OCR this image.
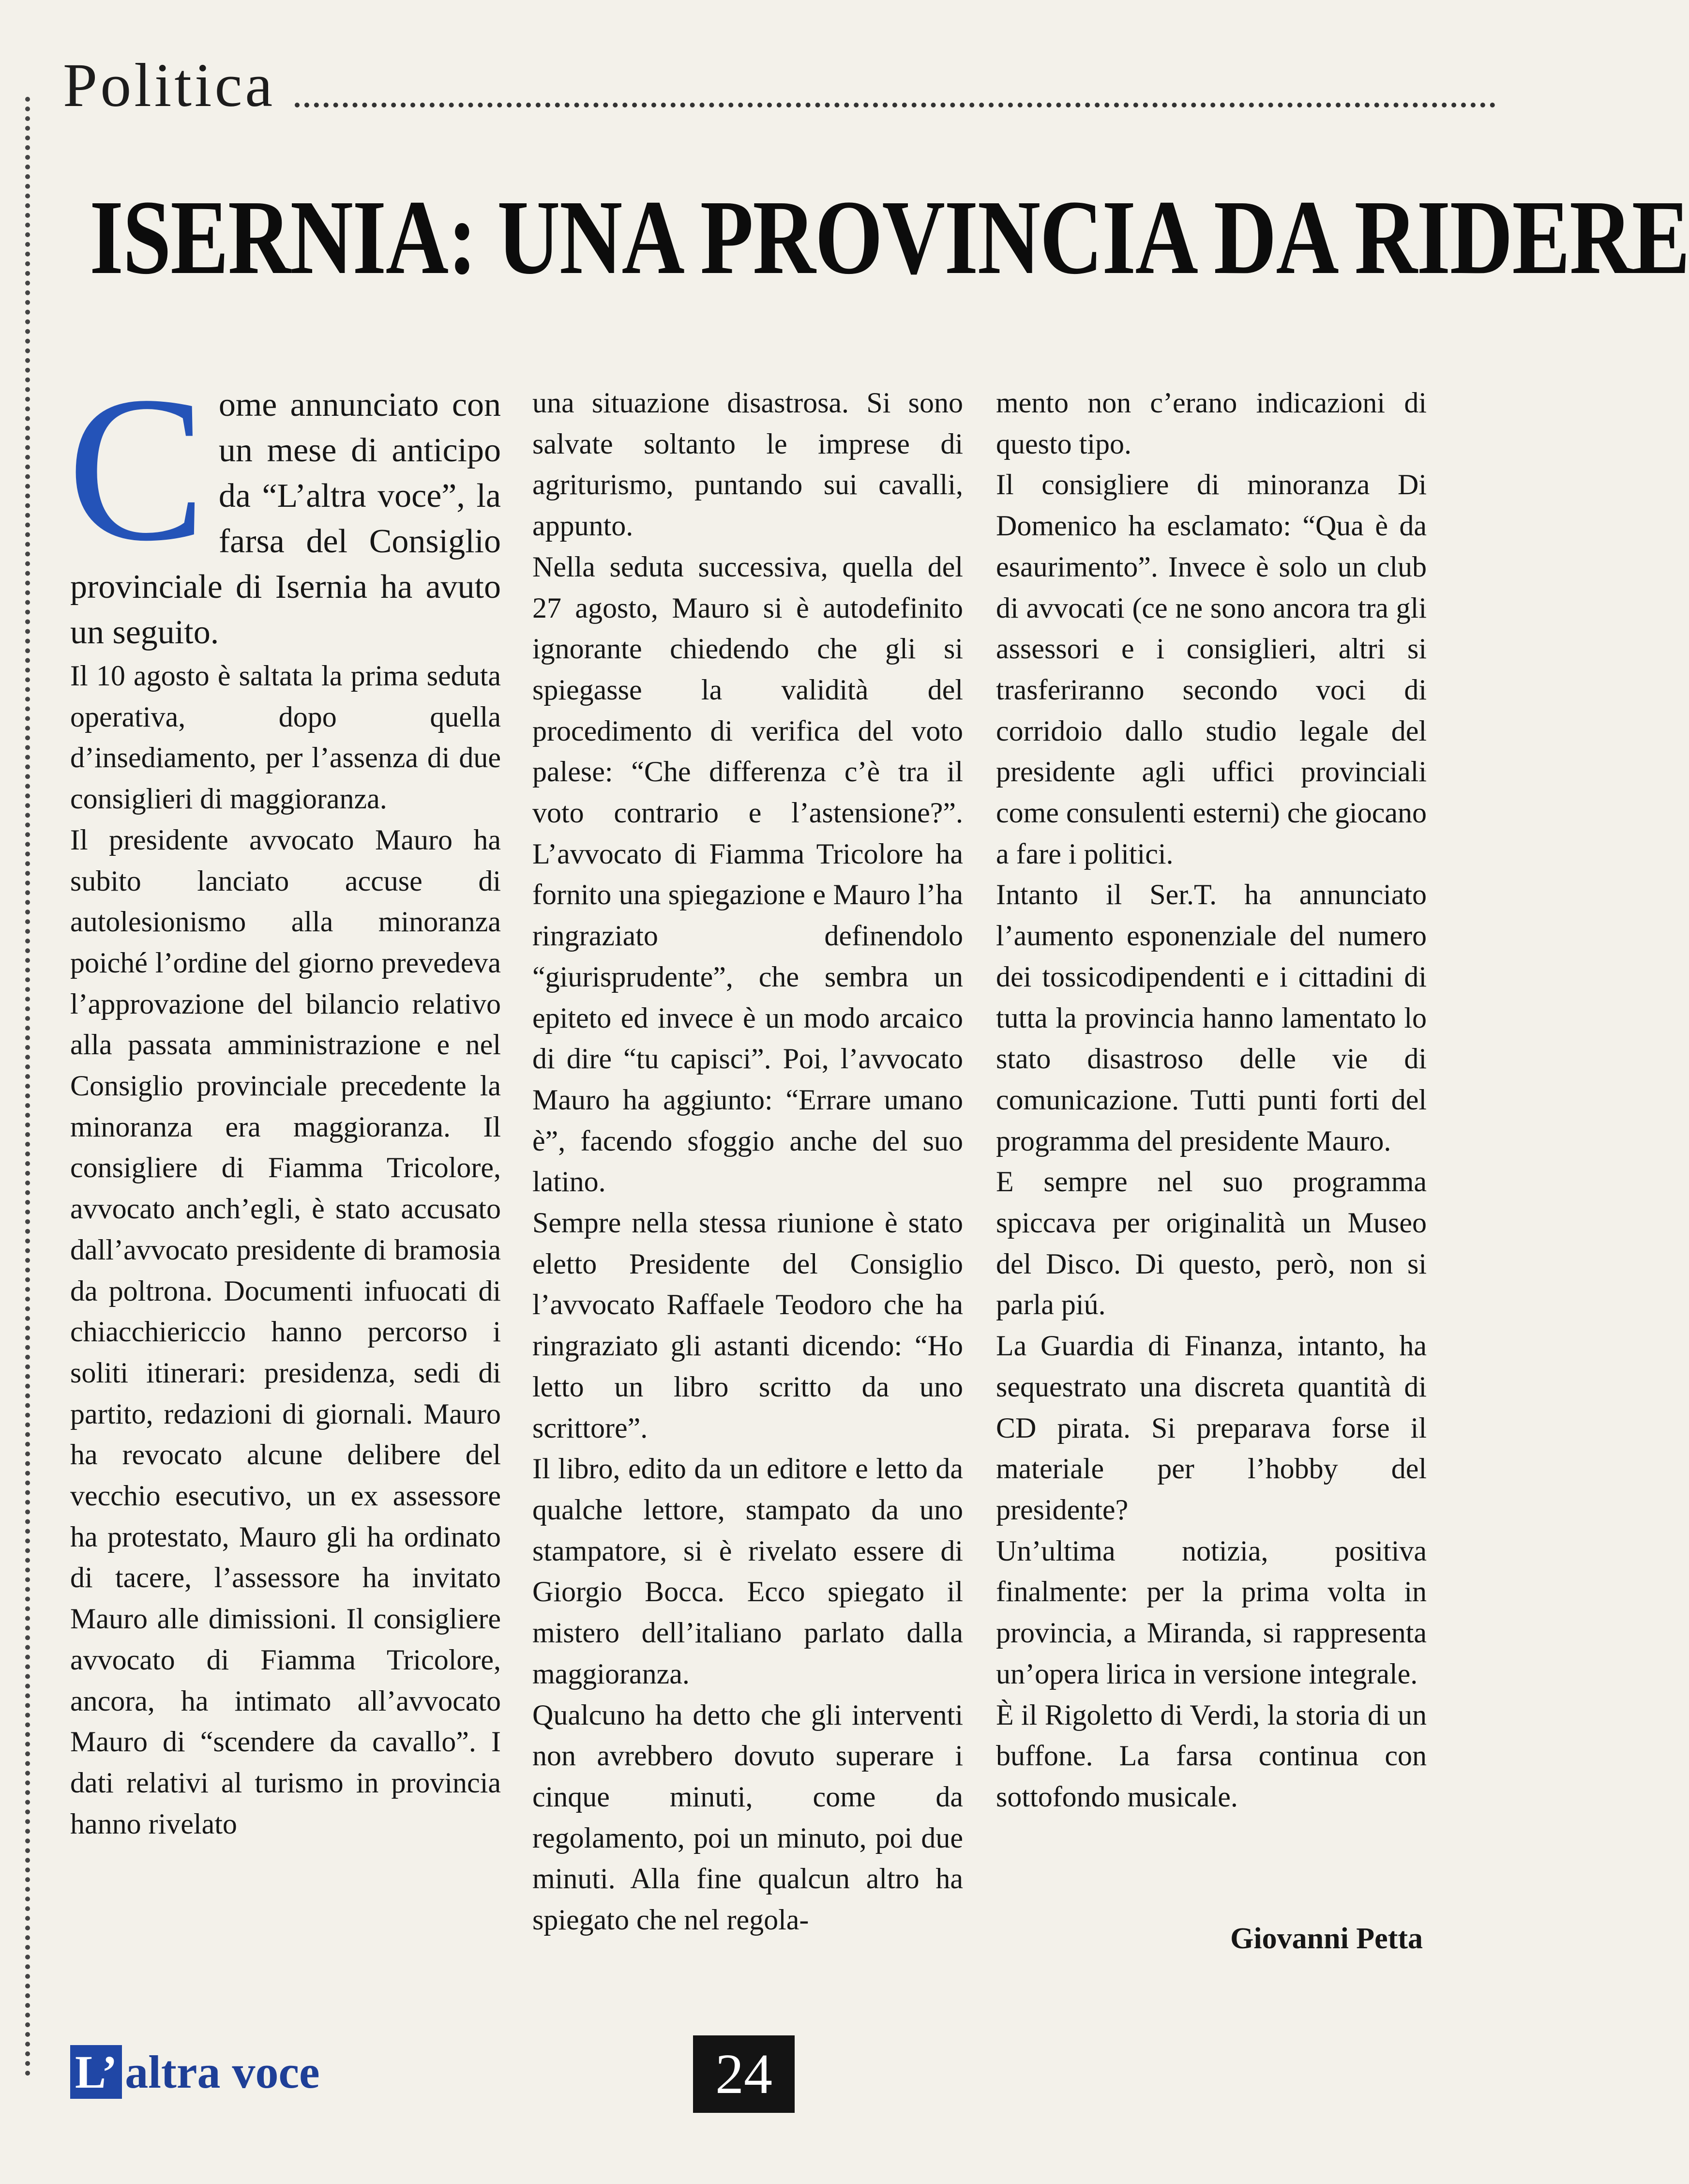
Politica
ISERNIA: UNA PROVINCIA DA RIDERE

Come annunciato con un mese di anticipo da “L’altra voce”, la farsa del Consiglio provinciale di Isernia ha avuto un seguito.

Il 10 agosto è saltata la prima seduta operativa, dopo quella d’insediamento, per l’assenza di due consiglieri di maggioranza.

Il presidente avvocato Mauro ha subito lanciato accuse di autolesionismo alla minoranza poiché l’ordine del giorno prevedeva l’approvazione del bilancio relativo alla passata amministrazione e nel Consiglio provinciale precedente la minoranza era maggioranza. Il consigliere di Fiamma Tricolore, avvocato anch’egli, è stato accusato dall’avvocato presidente di bramosia da poltrona. Documenti infuocati di chiacchiericcio hanno percorso i soliti itinerari: presidenza, sedi di partito, redazioni di giornali. Mauro ha revocato alcune delibere del vecchio esecutivo, un ex assessore ha protestato, Mauro gli ha ordinato di tacere, l’assessore ha invitato Mauro alle dimissioni. Il consigliere avvocato di Fiamma Tricolore, ancora, ha intimato all’avvocato Mauro di “scendere da cavallo”. I dati relativi al turismo in provincia hanno rivelato

una situazione disastrosa. Si sono salvate soltanto le imprese di agriturismo, puntando sui cavalli, appunto.

Nella seduta successiva, quella del 27 agosto, Mauro si è autodefinito ignorante chiedendo che gli si spiegasse la validità del procedimento di verifica del voto palese: “Che differenza c’è tra il voto contrario e l’astensione?”. L’avvocato di Fiamma Tricolore ha fornito una spiegazione e Mauro l’ha ringraziato definendolo “giurisprudente”, che sembra un epiteto ed invece è un modo arcaico di dire “tu capisci”. Poi, l’avvocato Mauro ha aggiunto: “Errare umano è”, facendo sfoggio anche del suo latino.

Sempre nella stessa riunione è stato eletto Presidente del Consiglio l’avvocato Raffaele Teodoro che ha ringraziato gli astanti dicendo: “Ho letto un libro scritto da uno scrittore”.

Il libro, edito da un editore e letto da qualche lettore, stampato da uno stampatore, si è rivelato essere di Giorgio Bocca. Ecco spiegato il mistero dell’italiano parlato dalla maggioranza.

Qualcuno ha detto che gli interventi non avrebbero dovuto superare i cinque minuti, come da regolamento, poi un minuto, poi due minuti. Alla fine qualcun altro ha spiegato che nel regola-

mento non c’erano indicazioni di questo tipo.

Il consigliere di minoranza Di Domenico ha esclamato: “Qua è da esaurimento”. Invece è solo un club di avvocati (ce ne sono ancora tra gli assessori e i consiglieri, altri si trasferiranno secondo voci di corridoio dallo studio legale del presidente agli uffici provinciali come consulenti esterni) che giocano a fare i politici.

Intanto il Ser.T. ha annunciato l’aumento esponenziale del numero dei tossicodipendenti e i cittadini di tutta la provincia hanno lamentato lo stato disastroso delle vie di comunicazione. Tutti punti forti del programma del presidente Mauro.

E sempre nel suo programma spiccava per originalità un Museo del Disco. Di questo, però, non si parla piú.

La Guardia di Finanza, intanto, ha sequestrato una discreta quantità di CD pirata. Si preparava forse il materiale per l’hobby del presidente?

Un’ultima notizia, positiva finalmente: per la prima volta in provincia, a Miranda, si rappresenta un’opera lirica in versione integrale.

È il Rigoletto di Verdi, la storia di un buffone. La farsa continua con sottofondo musicale.

Giovanni Petta
L’ altra voce	24
